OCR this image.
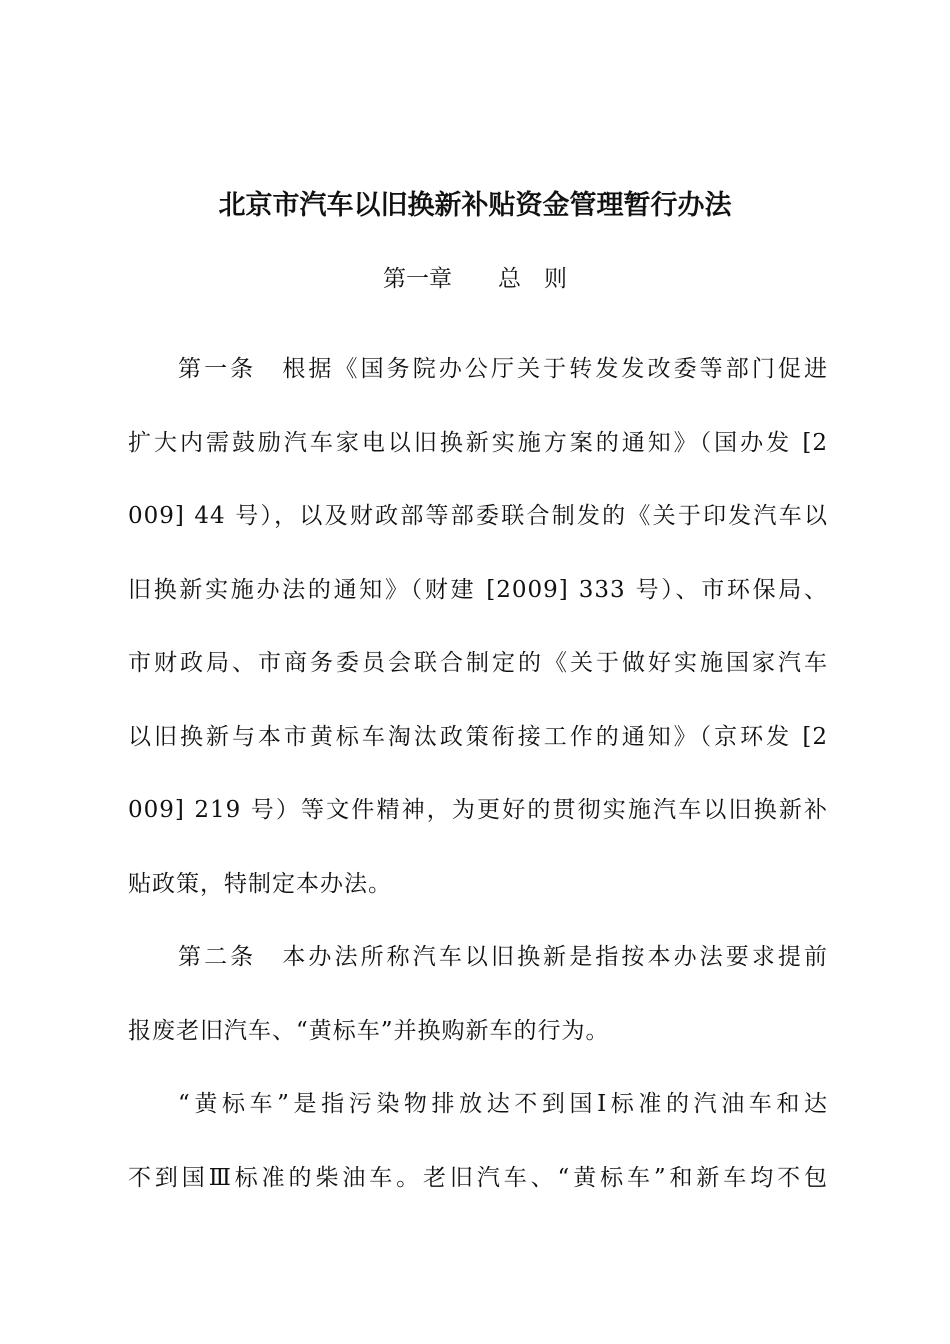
北京市汽车以旧换新补贴资金管理暂行办法
第一章　　总　则
第一条　根据《国务院办公厅关于转发发改委等部门促进
扩大内需鼓励汽车家电以旧换新实施方案的通知》（国办发 [2
009] 44 号），以及财政部等部委联合制发的《关于印发汽车以
旧换新实施办法的通知》（财建 [2009] 333 号）、市环保局、
市财政局、市商务委员会联合制定的《关于做好实施国家汽车
以旧换新与本市黄标车淘汰政策衔接工作的通知》（京环发 [2
009] 219 号）等文件精神，为更好的贯彻实施汽车以旧换新补
贴政策，特制定本办法。
第二条　本办法所称汽车以旧换新是指按本办法要求提前
报废老旧汽车、“黄标车”并换购新车的行为。
“黄标车”是指污染物排放达不到国Ⅰ标准的汽油车和达
不到国Ⅲ标准的柴油车。老旧汽车、“黄标车”和新车均不包
